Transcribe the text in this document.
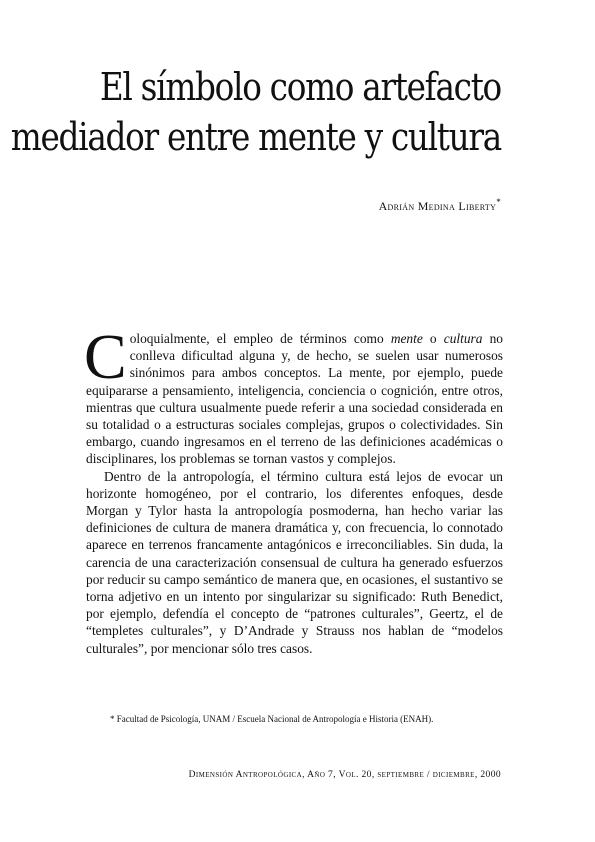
El símbolo como artefacto
mediador entre mente y cultura
Adrián Medina Liberty*

Coloquialmente, el empleo de términos como mente o cultura no conlleva dificultad alguna y, de hecho, se suelen usar numerosos sinónimos para ambos conceptos. La mente, por ejemplo, puede equipararse a pensamiento, inteligencia, conciencia o cognición, entre otros, mientras que cultura usualmente puede referir a una sociedad considerada en su totalidad o a estructuras sociales complejas, grupos o colectividades. Sin embargo, cuando ingresamos en el terreno de las definiciones académicas o disciplinares, los problemas se tornan vastos y complejos.

Dentro de la antropología, el término cultura está lejos de evocar un horizonte homogéneo, por el contrario, los diferentes enfoques, desde Morgan y Tylor hasta la antropología posmoderna, han hecho variar las definiciones de cultura de manera dramática y, con frecuencia, lo connotado aparece en terrenos francamente antagónicos e irreconciliables. Sin duda, la carencia de una caracterización consensual de cultura ha generado esfuerzos por reducir su campo semántico de manera que, en ocasiones, el sustantivo se torna adjetivo en un intento por singularizar su significado: Ruth Benedict, por ejemplo, defendía el concepto de “patrones culturales”, Geertz, el de “templetes culturales”, y D’Andrade y Strauss nos hablan de “modelos culturales”, por mencionar sólo tres casos.

* Facultad de Psicología, UNAM / Escuela Nacional de Antropología e Historia (ENAH).
Dimensión Antropológica, Año 7, Vol. 20, septiembre / diciembre, 2000
